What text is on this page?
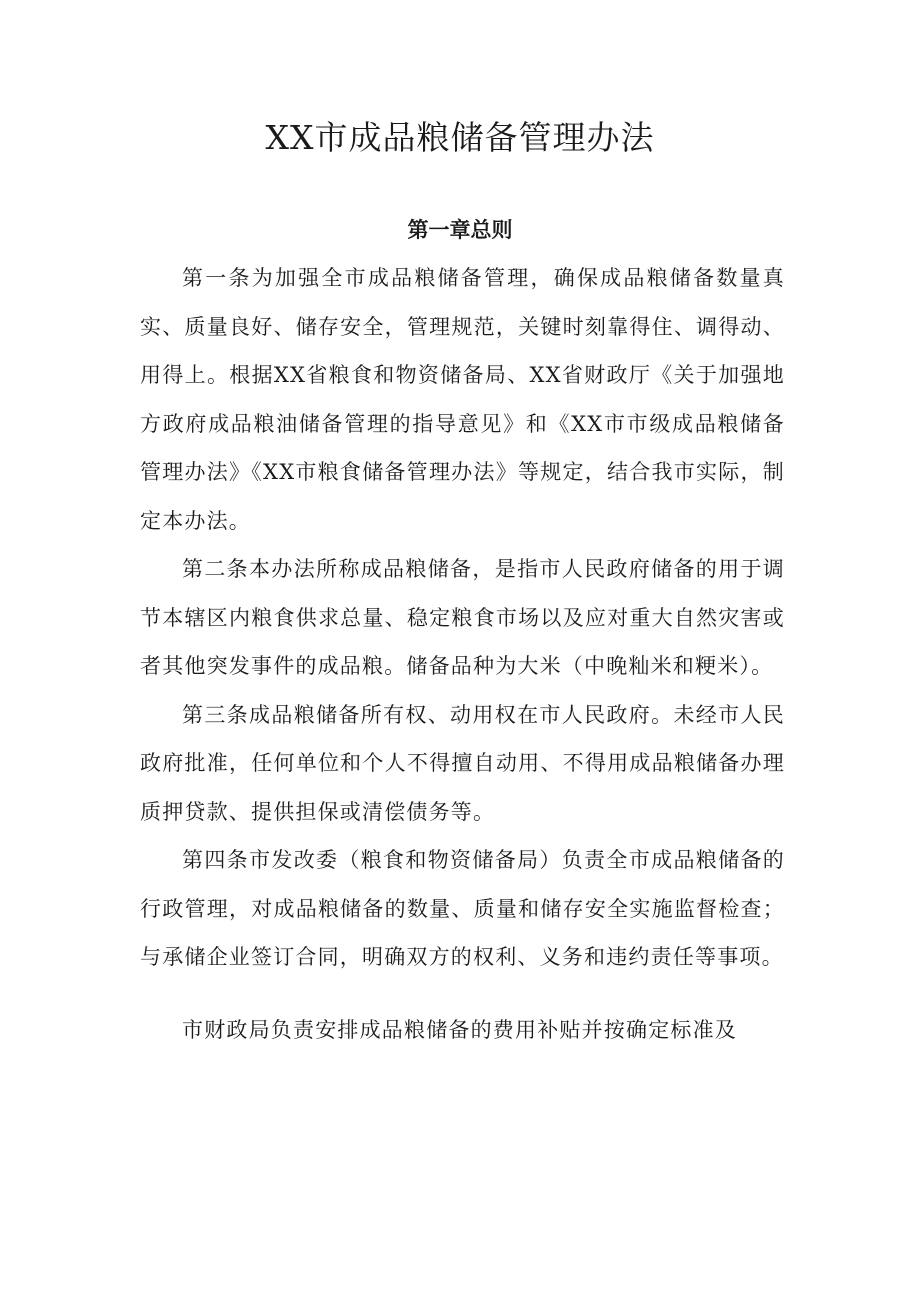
XX市成品粮储备管理办法
第一章总则

第一条为加强全市成品粮储备管理，确保成品粮储备数量真实、质量良好、储存安全，管理规范，关键时刻靠得住、调得动、用得上。根据XX省粮食和物资储备局、XX省财政厅《关于加强地方政府成品粮油储备管理的指导意见》和《XX市市级成品粮储备管理办法》《XX市粮食储备管理办法》等规定，结合我市实际，制定本办法。

第二条本办法所称成品粮储备，是指市人民政府储备的用于调节本辖区内粮食供求总量、稳定粮食市场以及应对重大自然灾害或者其他突发事件的成品粮。储备品种为大米（中晚籼米和粳米）。

第三条成品粮储备所有权、动用权在市人民政府。未经市人民政府批准，任何单位和个人不得擅自动用、不得用成品粮储备办理质押贷款、提供担保或清偿债务等。

第四条市发改委（粮食和物资储备局）负责全市成品粮储备的行政管理，对成品粮储备的数量、质量和储存安全实施监督检查；与承储企业签订合同，明确双方的权利、义务和违约责任等事项。

市财政局负责安排成品粮储备的费用补贴并按确定标准及
